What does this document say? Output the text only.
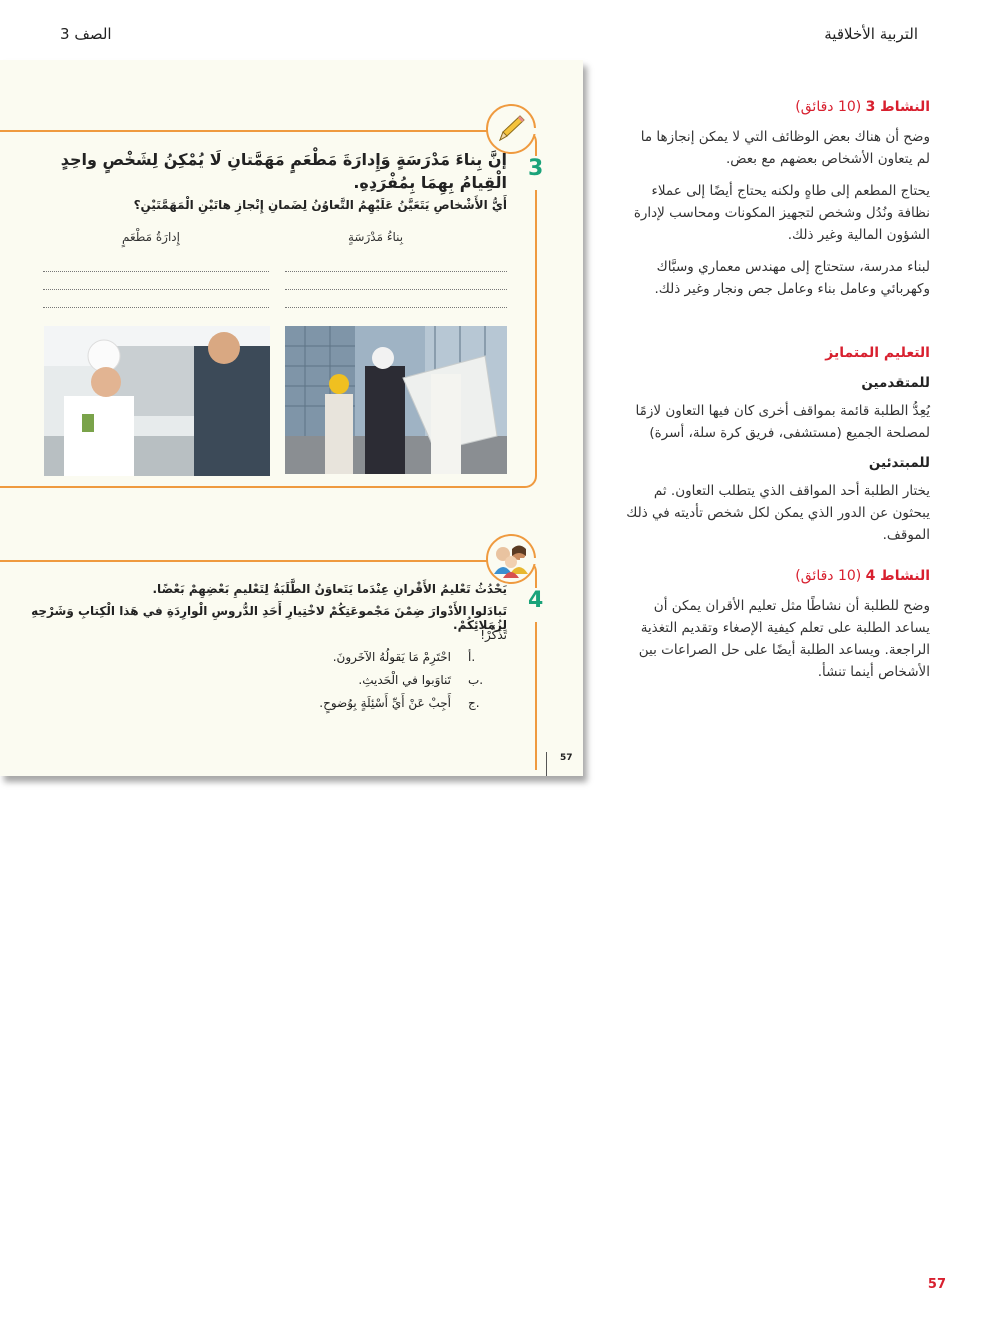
التربية الأخلاقية
الصف 3
3
إنَّ بِناءَ مَدْرَسَةٍ وَإِدارَةَ مَطْعَمٍ مَهَمَّتانِ لَا يُمْكِنُ لِشَخْصٍ واحِدٍ الْقِيامُ بِهِمَا بِمُفْرَدِهِ.
أَيُّ الأَشْخاصِ يَتَعَيَّنُ عَلَيْهِمُ التَّعاوُنُ لِضَمانِ إِنْجازِ هاتَيْنِ الْمَهَمَّتَيْنِ؟
بِناءُ مَدْرَسَةٍ
إِدارَةُ مَطْعَمٍ
4
يَحْدُثُ تَعْليمُ الأَقْرانِ عِنْدَما يَتَعاوَنُ الطَّلَبَةُ لِتَعْليمِ بَعْضِهِمْ بَعْضًا.
تَبادَلوا الأَدْوارَ ضِمْنَ مَجْموعَتِكُمْ لاخْتِيارِ أَحَدِ الدُّروسِ الْوارِدَةِ في هَذا الْكِتابِ وَشَرْحِهِ لِزُمَلائِكُمْ.
تَذَكَّرْ!
أ.
احْتَرِمْ مَا يَقولُهُ الآخَرونَ.
ب.
تَناوَبوا في الْحَديثِ.
ج.
أَجِبْ عَنْ أَيِّ أَسْئِلَةٍ بِوُضوحٍ.
57
النشاط 3 (10 دقائق)

وضح أن هناك بعض الوظائف التي لا يمكن إنجازها ما لم يتعاون الأشخاص بعضهم مع بعض.

يحتاج المطعم إلى طاهٍ ولكنه يحتاج أيضًا إلى عملاء نظافة ونُدُل وشخص لتجهيز المكونات ومحاسب لإدارة الشؤون المالية وغير ذلك.

لبناء مدرسة، ستحتاج إلى مهندس معماري وسبَّاك وكهربائي وعامل بناء وعامل جص ونجار وغير ذلك.

التعليم المتمايز
للمتقدمين

يُعِدُّ الطلبة قائمة بمواقف أخرى كان فيها التعاون لازمًا لمصلحة الجميع (مستشفى، فريق كرة سلة، أسرة)

للمبتدئين

يختار الطلبة أحد المواقف الذي يتطلب التعاون. ثم يبحثون عن الدور الذي يمكن لكل شخص تأديته في ذلك الموقف.

النشاط 4 (10 دقائق)

وضح للطلبة أن نشاطًا مثل تعليم الأقران يمكن أن يساعد الطلبة على تعلم كيفية الإصغاء وتقديم التغذية الراجعة. ويساعد الطلبة أيضًا على حل الصراعات بين الأشخاص أينما تنشأ.

57
